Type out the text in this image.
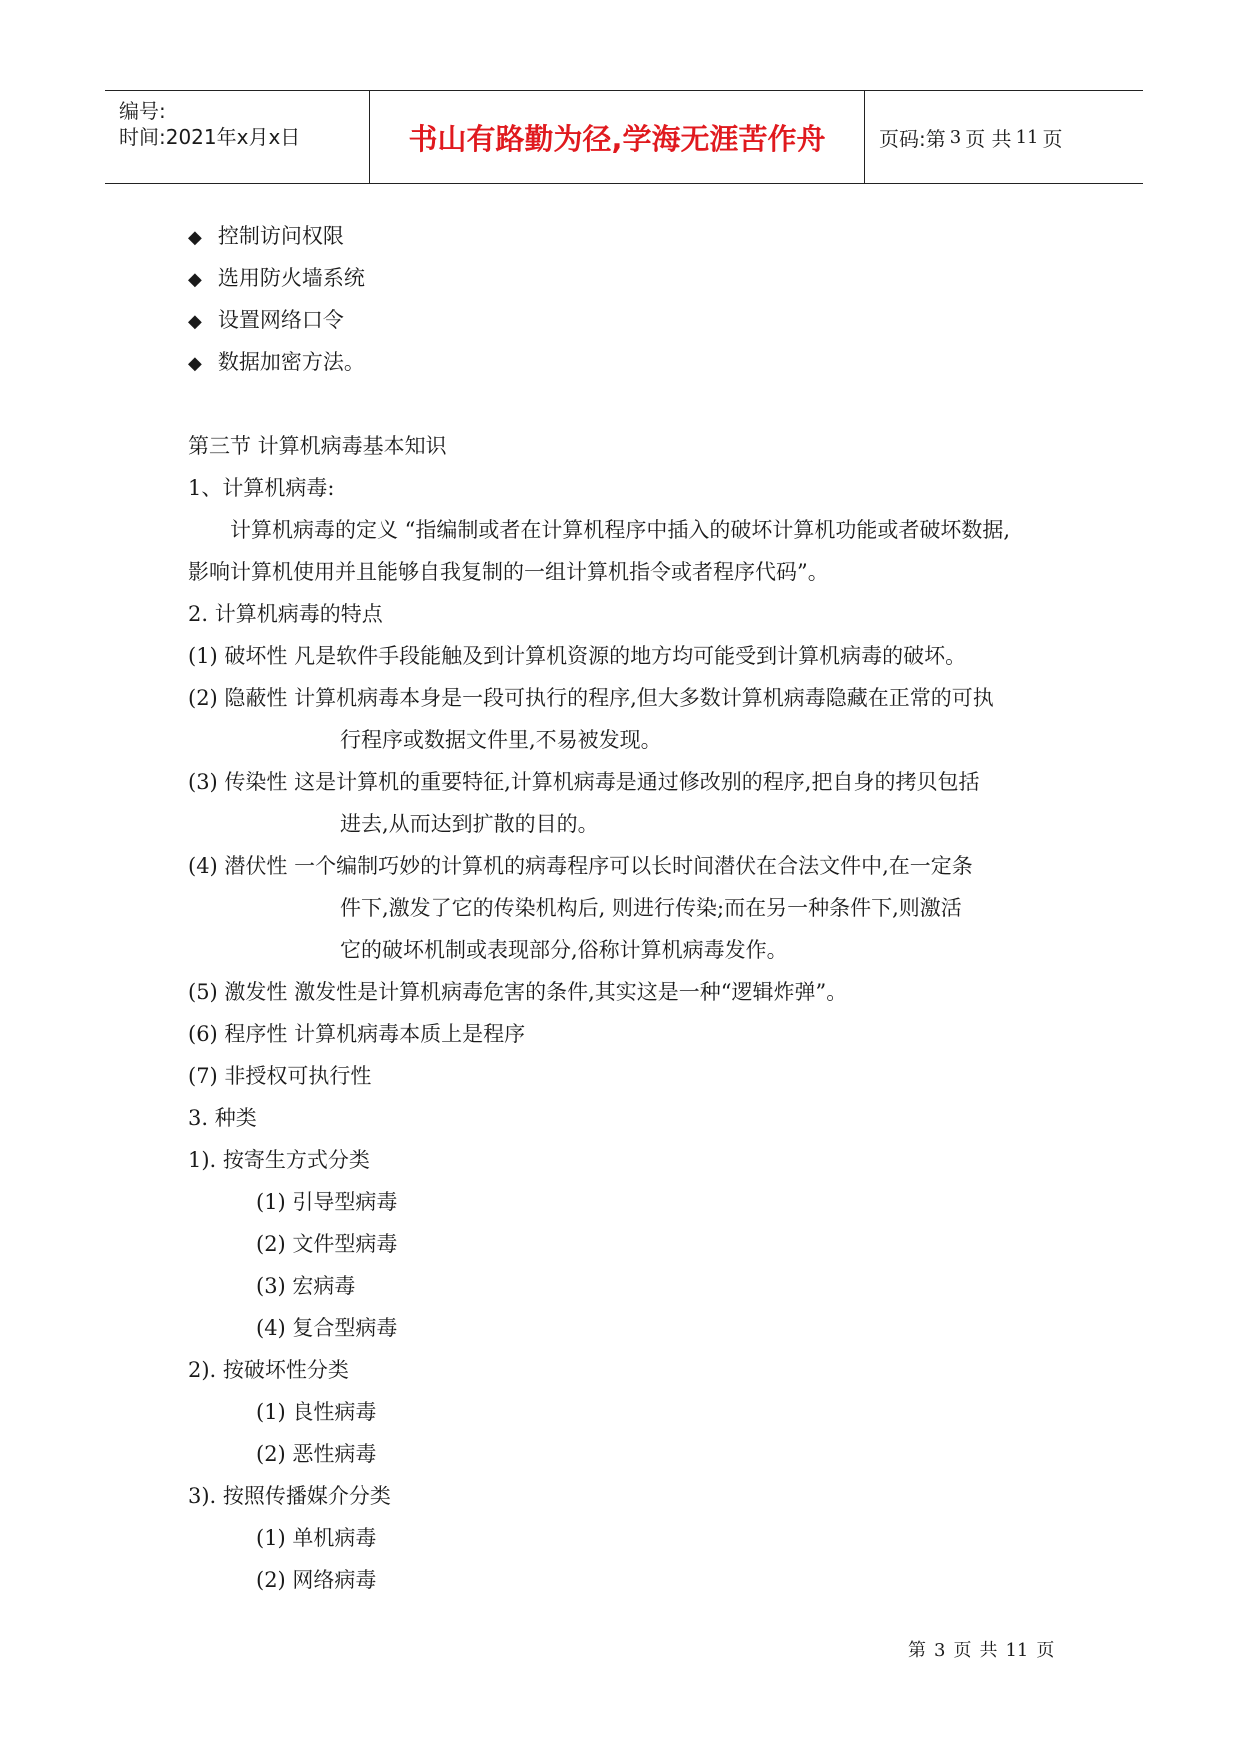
编号:
时间:2021年x月x日	书山有路勤为径,学海无涯苦作舟	页码:第 3 页 共 11 页
◆ 控制访问权限
◆ 选用防火墙系统
◆ 设置网络口令
◆ 数据加密方法。
第三节 计算机病毒基本知识
1、计算机病毒:
计算机病毒的定义 “指编制或者在计算机程序中插入的破坏计算机功能或者破坏数据,
影响计算机使用并且能够自我复制的一组计算机指令或者程序代码”。
2. 计算机病毒的特点
(1) 破坏性 凡是软件手段能触及到计算机资源的地方均可能受到计算机病毒的破坏。
(2) 隐蔽性 计算机病毒本身是一段可执行的程序,但大多数计算机病毒隐藏在正常的可执
行程序或数据文件里,不易被发现。
(3) 传染性 这是计算机的重要特征,计算机病毒是通过修改别的程序,把自身的拷贝包括
进去,从而达到扩散的目的。
(4) 潜伏性 一个编制巧妙的计算机的病毒程序可以长时间潜伏在合法文件中,在一定条
件下,激发了它的传染机构后, 则进行传染;而在另一种条件下,则激活
它的破坏机制或表现部分,俗称计算机病毒发作。
(5) 激发性 激发性是计算机病毒危害的条件,其实这是一种“逻辑炸弹”。
(6) 程序性 计算机病毒本质上是程序
(7) 非授权可执行性
3. 种类
1). 按寄生方式分类
(1) 引导型病毒
(2) 文件型病毒
(3) 宏病毒
(4) 复合型病毒
2). 按破坏性分类
(1) 良性病毒
(2) 恶性病毒
3). 按照传播媒介分类
(1) 单机病毒
(2) 网络病毒
第 3 页 共 11 页
